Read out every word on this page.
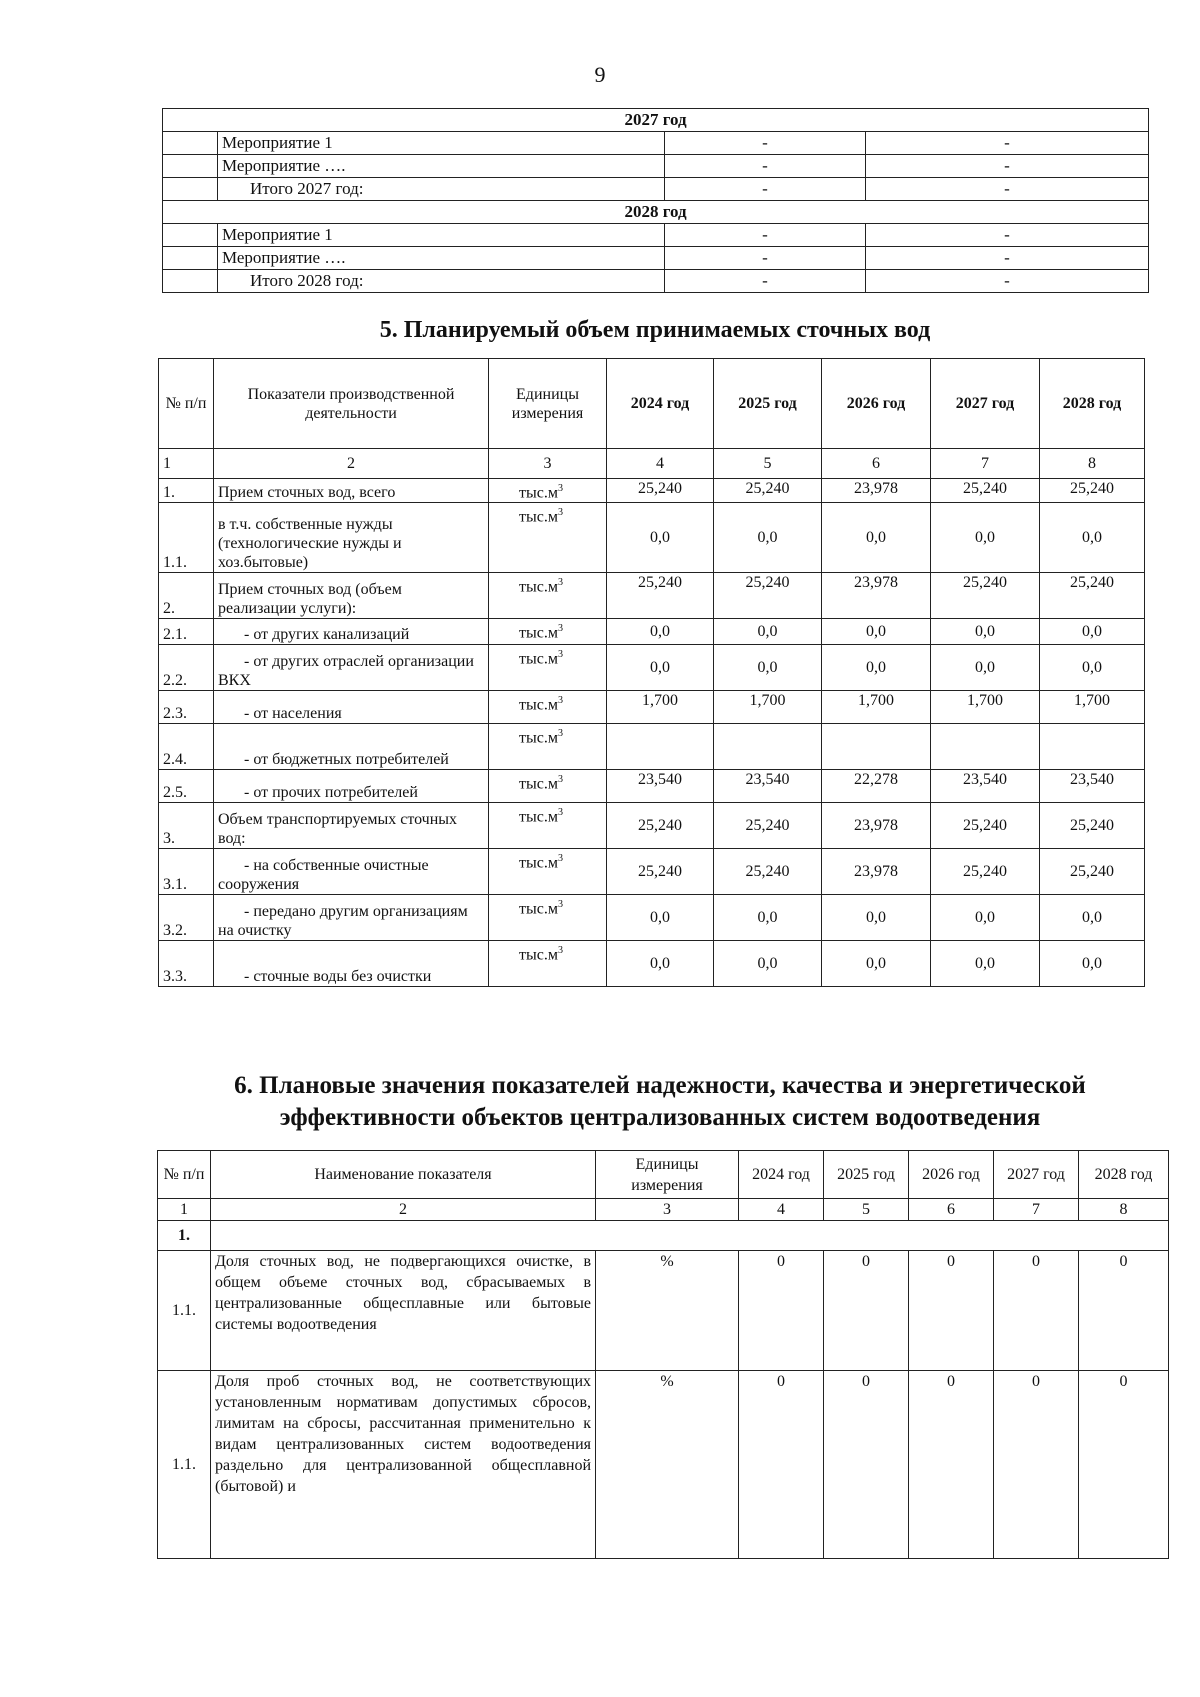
9
2027 год			
	Мероприятие 1	-	-
	Мероприятие ….	-	-
	Итого 2027 год:	-	-
2028 год			
	Мероприятие 1	-	-
	Мероприятие ….	-	-
	Итого 2028 год:	-	-
5. Планируемый объем принимаемых сточных вод
№ п/п	Показатели производственной деятельности	Единицы измерения	2024 год	2025 год	2026 год	2027 год	2028 год
1	2	3	4	5	6	7	8
1.	Прием сточных вод, всего	$тыс.м^3$	25,240	25,240	23,978	25,240	25,240
1.1.	в т.ч. собственные нужды (технологические нужды и хоз.бытовые)	$тыс.м^3$	0,0	0,0	0,0	0,0	0,0
2.	Прием сточных вод (объем реализации услуги):	$тыс.м^3$	25,240	25,240	23,978	25,240	25,240
2.1.	- от других канализаций	$тыс.м^3$	0,0	0,0	0,0	0,0	0,0
2.2.	- от других отраслей организации ВКХ	$тыс.м^3$	0,0	0,0	0,0	0,0	0,0
2.3.	- от населения	$тыс.м^3$	1,700	1,700	1,700	1,700	1,700
2.4.	- от бюджетных потребителей	$тыс.м^3$					
2.5.	- от прочих потребителей	$тыс.м^3$	23,540	23,540	22,278	23,540	23,540
3.	Объем транспортируемых сточных вод:	$тыс.м^3$	25,240	25,240	23,978	25,240	25,240
3.1.	- на собственные очистные сооружения	$тыс.м^3$	25,240	25,240	23,978	25,240	25,240
3.2.	- передано другим организациям на очистку	$тыс.м^3$	0,0	0,0	0,0	0,0	0,0
3.3.	- сточные воды без очистки	$тыс.м^3$	0,0	0,0	0,0	0,0	0,0
6. Плановые значения показателей надежности, качества и энергетической
эффективности объектов централизованных систем водоотведения
№ п/п	Наименование показателя	Единицы измерения	2024 год	2025 год	2026 год	2027 год	2028 год
1	2	3	4	5	6	7	8
1.							
1.1.	Доля сточных вод, не подвергающихся очистке, в общем объеме сточных вод, сбрасываемых в централизованные общесплавные или бытовые системы водоотведения	%	0	0	0	0	0
1.1.	Доля проб сточных вод, не соответствующих установленным нормативам допустимых сбросов, лимитам на сбросы, рассчитанная применительно к видам централизованных систем водоотведения раздельно для централизованной общесплавной (бытовой) и	%	0	0	0	0	0
